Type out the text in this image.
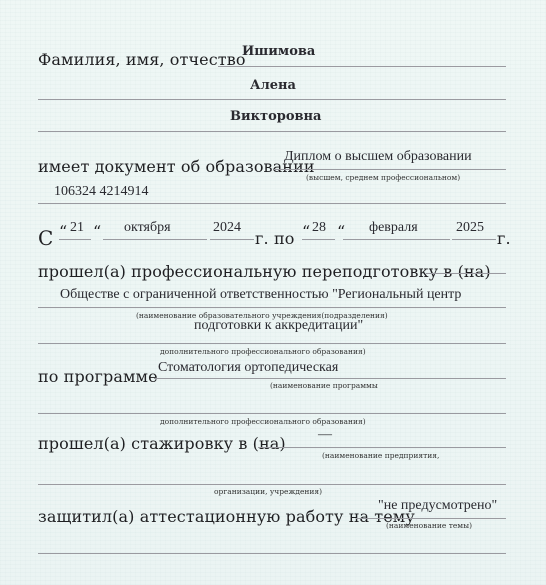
Фамилия, имя, отчество
Ишимова
Алена
Викторовна
имеет документ об образовании
Диплом о высшем образовании
(высшем, среднем профессиональном)
106324 4214914
С “ 21 “ октября	2024
г. по “ 28 “ февраля	2025
г.
прошел(а) профессиональную переподготовку в (на)
Обществе с ограниченной ответственностью "Региональный центр
(наименование образовательного учреждения(подразделения)
подготовки к аккредитации"
дополнительного профессионального образования)
по программе Стоматология ортопедическая
(наименование программы
дополнительного профессионального образования)
прошел(а) стажировку в (на) —
(наименование предприятия,
организации, учреждения)
защитил(а) аттестационную работу на тему
"не предусмотрено"
(наименование темы)
